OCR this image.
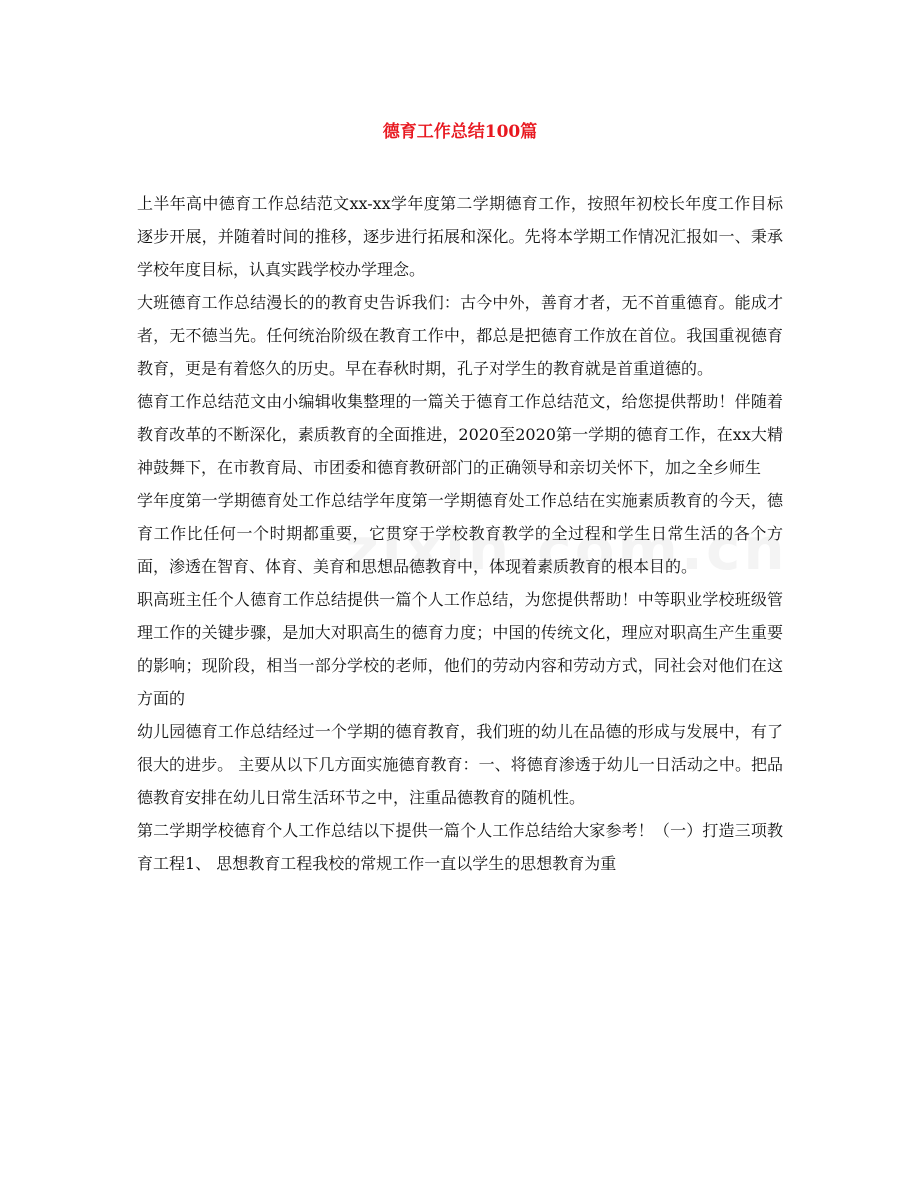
德育工作总结100篇

上半年高中德育工作总结范文xx-xx学年度第二学期德育工作，按照年初校长年度工作目标逐步开展，并随着时间的推移，逐步进行拓展和深化。先将本学期工作情况汇报如一、秉承学校年度目标，认真实践学校办学理念。

大班德育工作总结漫长的的教育史告诉我们：古今中外，善育才者，无不首重德育。能成才者，无不德当先。任何统治阶级在教育工作中，都总是把德育工作放在首位。我国重视德育教育，更是有着悠久的历史。早在春秋时期，孔子对学生的教育就是首重道德的。

德育工作总结范文由小编辑收集整理的一篇关于德育工作总结范文，给您提供帮助！伴随着教育改革的不断深化，素质教育的全面推进，2020至2020第一学期的德育工作，在xx大精神鼓舞下，在市教育局、市团委和德育教研部门的正确领导和亲切关怀下，加之全乡师生

学年度第一学期德育处工作总结学年度第一学期德育处工作总结在实施素质教育的今天，德育工作比任何一个时期都重要，它贯穿于学校教育教学的全过程和学生日常生活的各个方面，渗透在智育、体育、美育和思想品德教育中，体现着素质教育的根本目的。

职高班主任个人德育工作总结提供一篇个人工作总结，为您提供帮助！中等职业学校班级管理工作的关键步骤，是加大对职高生的德育力度；中国的传统文化，理应对职高生产生重要的影响；现阶段，相当一部分学校的老师，他们的劳动内容和劳动方式，同社会对他们在这方面的

幼儿园德育工作总结经过一个学期的德育教育，我们班的幼儿在品德的形成与发展中，有了很大的进步。 主要从以下几方面实施德育教育：一、将德育渗透于幼儿一日活动之中。把品德教育安排在幼儿日常生活环节之中，注重品德教育的随机性。

第二学期学校德育个人工作总结以下提供一篇个人工作总结给大家参考！（一）打造三项教育工程1、 思想教育工程我校的常规工作一直以学生的思想教育为重
